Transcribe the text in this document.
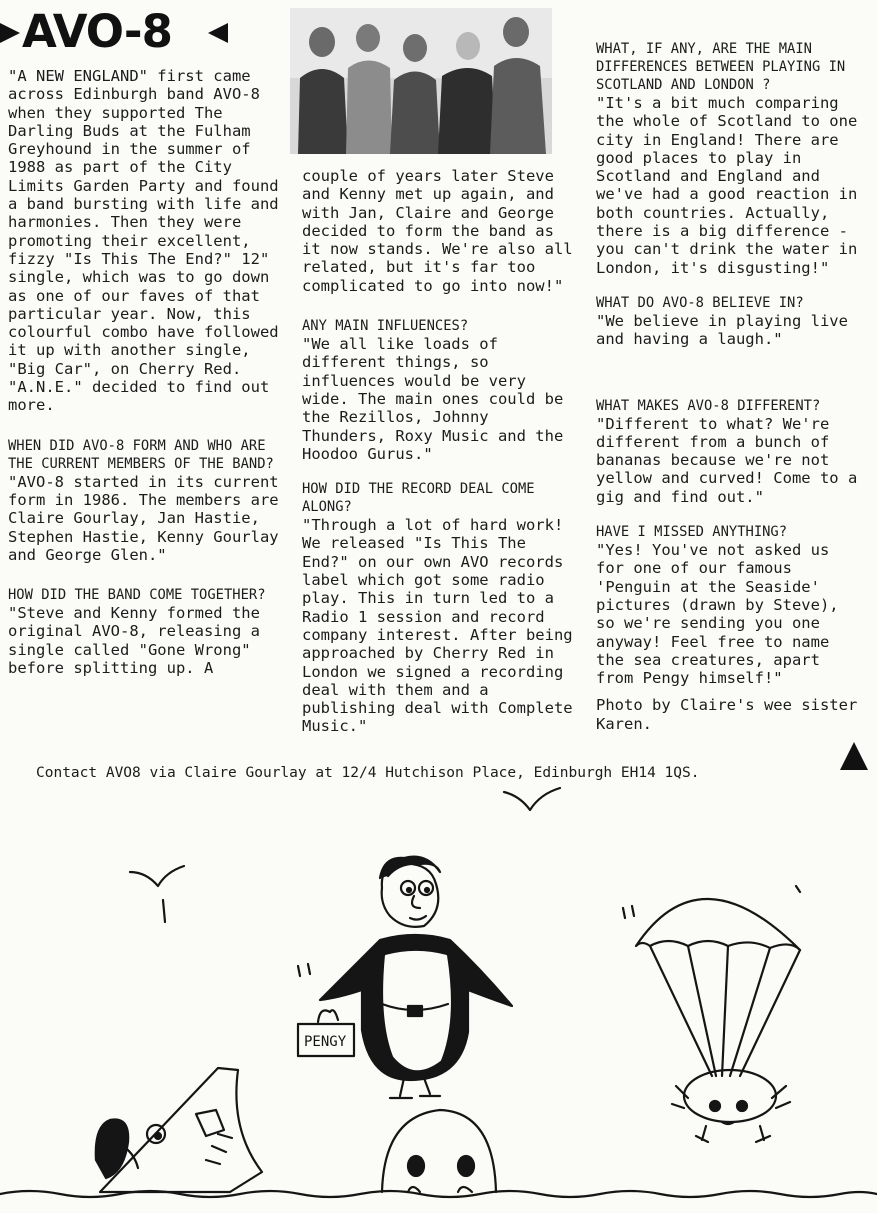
AVO-8

"A NEW ENGLAND" first came across Edinburgh band AVO-8 when they supported The Darling Buds at the Fulham Greyhound in the summer of 1988 as part of the City Limits Garden Party and found a band bursting with life and harmonies. Then they were promoting their excellent, fizzy "Is This The End?" 12" single, which was to go down as one of our faves of that particular year. Now, this colourful combo have followed it up with another single, "Big Car", on Cherry Red. "A.N.E." decided to find out more.

WHEN DID AVO-8 FORM AND WHO ARE THE CURRENT MEMBERS OF THE BAND?

"AVO-8 started in its current form in 1986. The members are Claire Gourlay, Jan Hastie, Stephen Hastie, Kenny Gourlay and George Glen."

HOW DID THE BAND COME TOGETHER?

"Steve and Kenny formed the original AVO-8, releasing a single called "Gone Wrong" before splitting up. A

couple of years later Steve and Kenny met up again, and with Jan, Claire and George decided to form the band as it now stands. We're also all related, but it's far too complicated to go into now!"

ANY MAIN INFLUENCES?

"We all like loads of different things, so influences would be very wide. The main ones could be the Rezillos, Johnny Thunders, Roxy Music and the Hoodoo Gurus."

HOW DID THE RECORD DEAL COME ALONG?

"Through a lot of hard work! We released "Is This The End?" on our own AVO records label which got some radio play. This in turn led to a Radio 1 session and record company interest. After being approached by Cherry Red in London we signed a recording deal with them and a publishing deal with Complete Music."

WHAT, IF ANY, ARE THE MAIN DIFFERENCES BETWEEN PLAYING IN SCOTLAND AND LONDON ?

"It's a bit much comparing the whole of Scotland to one city in England! There are good places to play in Scotland and England and we've had a good reaction in both countries. Actually, there is a big difference - you can't drink the water in London, it's disgusting!"

WHAT DO AVO-8 BELIEVE IN?

"We believe in playing live and having a laugh."

WHAT MAKES AVO-8 DIFFERENT?

"Different to what? We're different from a bunch of bananas because we're not yellow and curved! Come to a gig and find out."

HAVE I MISSED ANYTHING?

"Yes! You've not asked us for one of our famous 'Penguin at the Seaside' pictures (drawn by Steve), so we're sending you one anyway! Feel free to name the sea creatures, apart from Pengy himself!"

Photo by Claire's wee sister Karen.

Contact AVO8 via Claire Gourlay at 12/4 Hutchison Place, Edinburgh EH14 1QS.
PENGY
